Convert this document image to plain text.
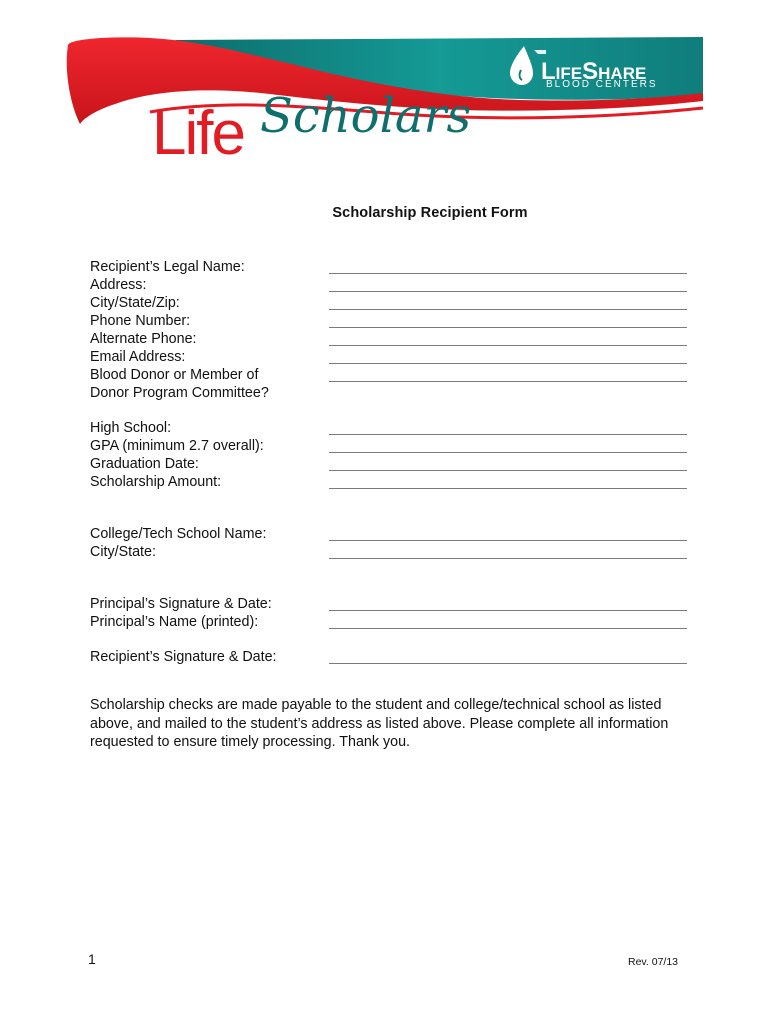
LIFESHARE
BLOOD CENTERS
Life Scholars
Scholarship Recipient Form
Recipient’s Legal Name:
Address:
City/State/Zip:
Phone Number:
Alternate Phone:
Email Address:
Blood Donor or Member of
Donor Program Committee?
High School:
GPA (minimum 2.7 overall):
Graduation Date:
Scholarship Amount:
College/Tech School Name:
City/State:
Principal’s Signature & Date:
Principal’s Name (printed):
Recipient’s Signature & Date:
Scholarship checks are made payable to the student and college/technical school as listed above, and mailed to the student’s address as listed above. Please complete all information requested to ensure timely processing. Thank you.
1	Rev. 07/13
